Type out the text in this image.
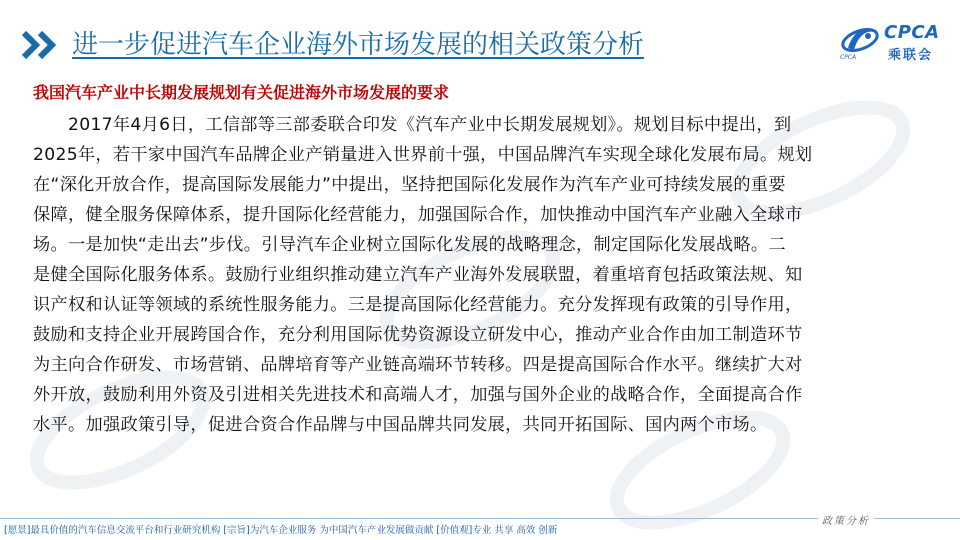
进一步促进汽车企业海外市场发展的相关政策分析	CPCA
CPCA
乘联会
我国汽车产业中长期发展规划有关促进海外市场发展的要求
　　2017年4月6日，工信部等三部委联合印发《汽车产业中长期发展规划》。规划目标中提出，到
2025年，若干家中国汽车品牌企业产销量进入世界前十强，中国品牌汽车实现全球化发展布局。规划
在“深化开放合作，提高国际发展能力”中提出，坚持把国际化发展作为汽车产业可持续发展的重要
保障，健全服务保障体系，提升国际化经营能力，加强国际合作，加快推动中国汽车产业融入全球市
场。一是加快“走出去”步伐。引导汽车企业树立国际化发展的战略理念，制定国际化发展战略。二
是健全国际化服务体系。鼓励行业组织推动建立汽车产业海外发展联盟，着重培育包括政策法规、知
识产权和认证等领域的系统性服务能力。三是提高国际化经营能力。充分发挥现有政策的引导作用，
鼓励和支持企业开展跨国合作，充分利用国际优势资源设立研发中心，推动产业合作由加工制造环节
为主向合作研发、市场营销、品牌培育等产业链高端环节转移。四是提高国际合作水平。继续扩大对
外开放，鼓励利用外资及引进相关先进技术和高端人才，加强与国外企业的战略合作，全面提高合作
水平。加强政策引导，促进合资合作品牌与中国品牌共同发展，共同开拓国际、国内两个市场。
政策分析
[愿景]最具价值的汽车信息交流平台和行业研究机构 [宗旨]为汽车企业服务 为中国汽车产业发展做贡献 [价值观]专业 共享 高效 创新
